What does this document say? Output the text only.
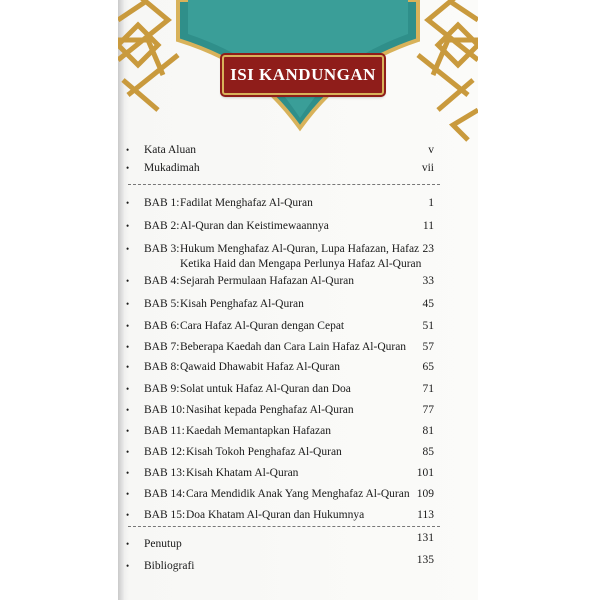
ISI KANDUNGAN
• Kata Aluan	v
• Mukadimah	vii
• BAB 1: Fadilat Menghafaz Al-Quran	1
• BAB 2: Al-Quran dan Keistimewaannya	11
• BAB 3: Hukum Menghafaz Al-Quran, Lupa Hafazan, Hafaz
Ketika Haid dan Mengapa Perlunya Hafaz Al-Quran
23
• BAB 4: Sejarah Permulaan Hafazan Al-Quran	33
• BAB 5: Kisah Penghafaz Al-Quran	45
• BAB 6: Cara Hafaz Al-Quran dengan Cepat	51
• BAB 7: Beberapa Kaedah dan Cara Lain Hafaz Al-Quran 57
• BAB 8: Qawaid Dhawabit Hafaz Al-Quran	65
• BAB 9: Solat untuk Hafaz Al-Quran dan Doa	71
• BAB 10: Nasihat kepada Penghafaz Al-Quran	77
• BAB 11: Kaedah Memantapkan Hafazan	81
• BAB 12: Kisah Tokoh Penghafaz Al-Quran	85
• BAB 13: Kisah Khatam Al-Quran	101
• BAB 14: Cara Mendidik Anak Yang Menghafaz Al-Quran 109
• BAB 15: Doa Khatam Al-Quran dan Hukumnya	113
• Penutup	131
• Bibliografi	135
